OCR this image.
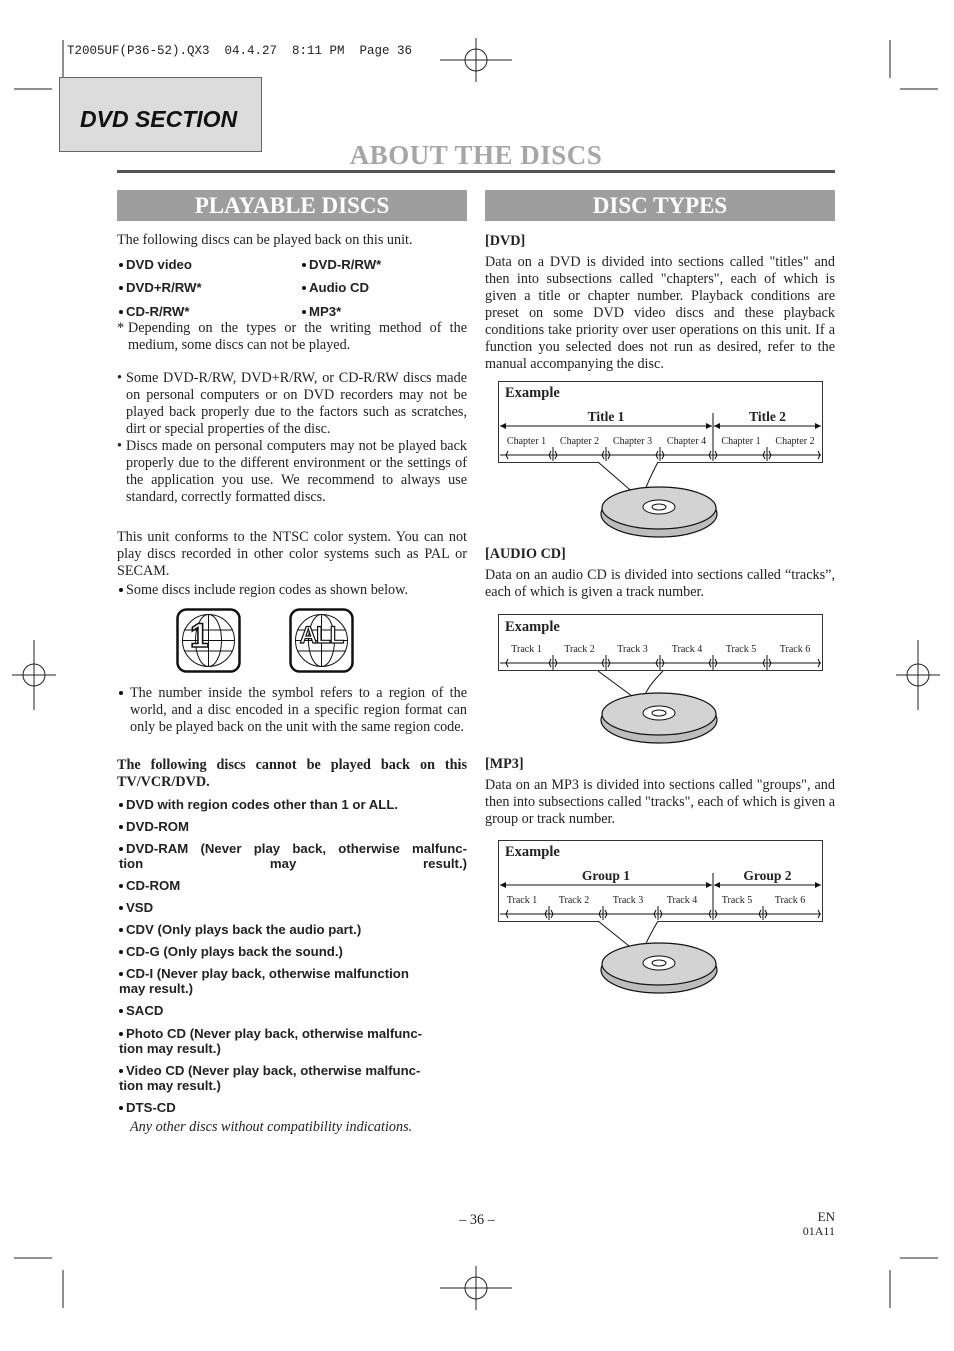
T2005UF(P36-52).QX3  04.4.27  8:11 PM  Page 36
DVD SECTION
ABOUT THE DISCS
PLAYABLE DISCS
The following discs can be played back on this unit.
DVD video	DVD-R/RW*
DVD+R/RW*	Audio CD
CD-R/RW*	MP3*
* Depending on the types or the writing method of the medium, some discs can not be played.
• Some DVD-R/RW, DVD+R/RW, or CD-R/RW discs made on personal computers or on DVD recorders may not be played back properly due to the factors such as scratches, dirt or special properties of the disc.
• Discs made on personal computers may not be played back properly due to the different environment or the settings of the application you use. We recommend to always use standard, correctly formatted discs.
This unit conforms to the NTSC color system. You can not play discs recorded in other color systems such as PAL or SECAM.
Some discs include region codes as shown below.
1	ALL
The number inside the symbol refers to a region of the world, and a disc encoded in a specific region format can only be played back on the unit with the same region code.
The following discs cannot be played back on this TV/VCR/DVD.
DVD with region codes other than 1 or ALL.
DVD-ROM
DVD-RAM (Never play back, otherwise malfunc-
tion may result.)
CD-ROM
VSD
CDV (Only plays back the audio part.)
CD-G (Only plays back the sound.)
CD-I (Never play back, otherwise malfunction
may result.)
SACD
Photo CD (Never play back, otherwise malfunc-
tion may result.)
Video CD (Never play back, otherwise malfunc-
tion may result.)
DTS-CD
Any other discs without compatibility indications.
DISC TYPES
[DVD]
Data on a DVD is divided into sections called "titles" and then into subsections called "chapters", each of which is given a title or chapter number. Playback conditions are preset on some DVD video discs and these playback conditions take priority over user operations on this unit. If a function you selected does not run as desired, refer to the manual accompanying the disc.
Example
Title 1	Title 2
Chapter 1	Chapter 2	Chapter 3	Chapter 4	Chapter 1	Chapter 2
[AUDIO CD]
Data on an audio CD is divided into sections called “tracks”, each of which is given a track number.
Example
Track 1	Track 2	Track 3	Track 4	Track 5	Track 6
[MP3]
Data on an MP3 is divided into sections called "groups", and then into subsections called "tracks", each of which is given a group or track number.
Example
Group 1	Group 2
Track 1	Track 2	Track 3	Track 4	Track 5	Track 6
– 36 –	EN
01A11
